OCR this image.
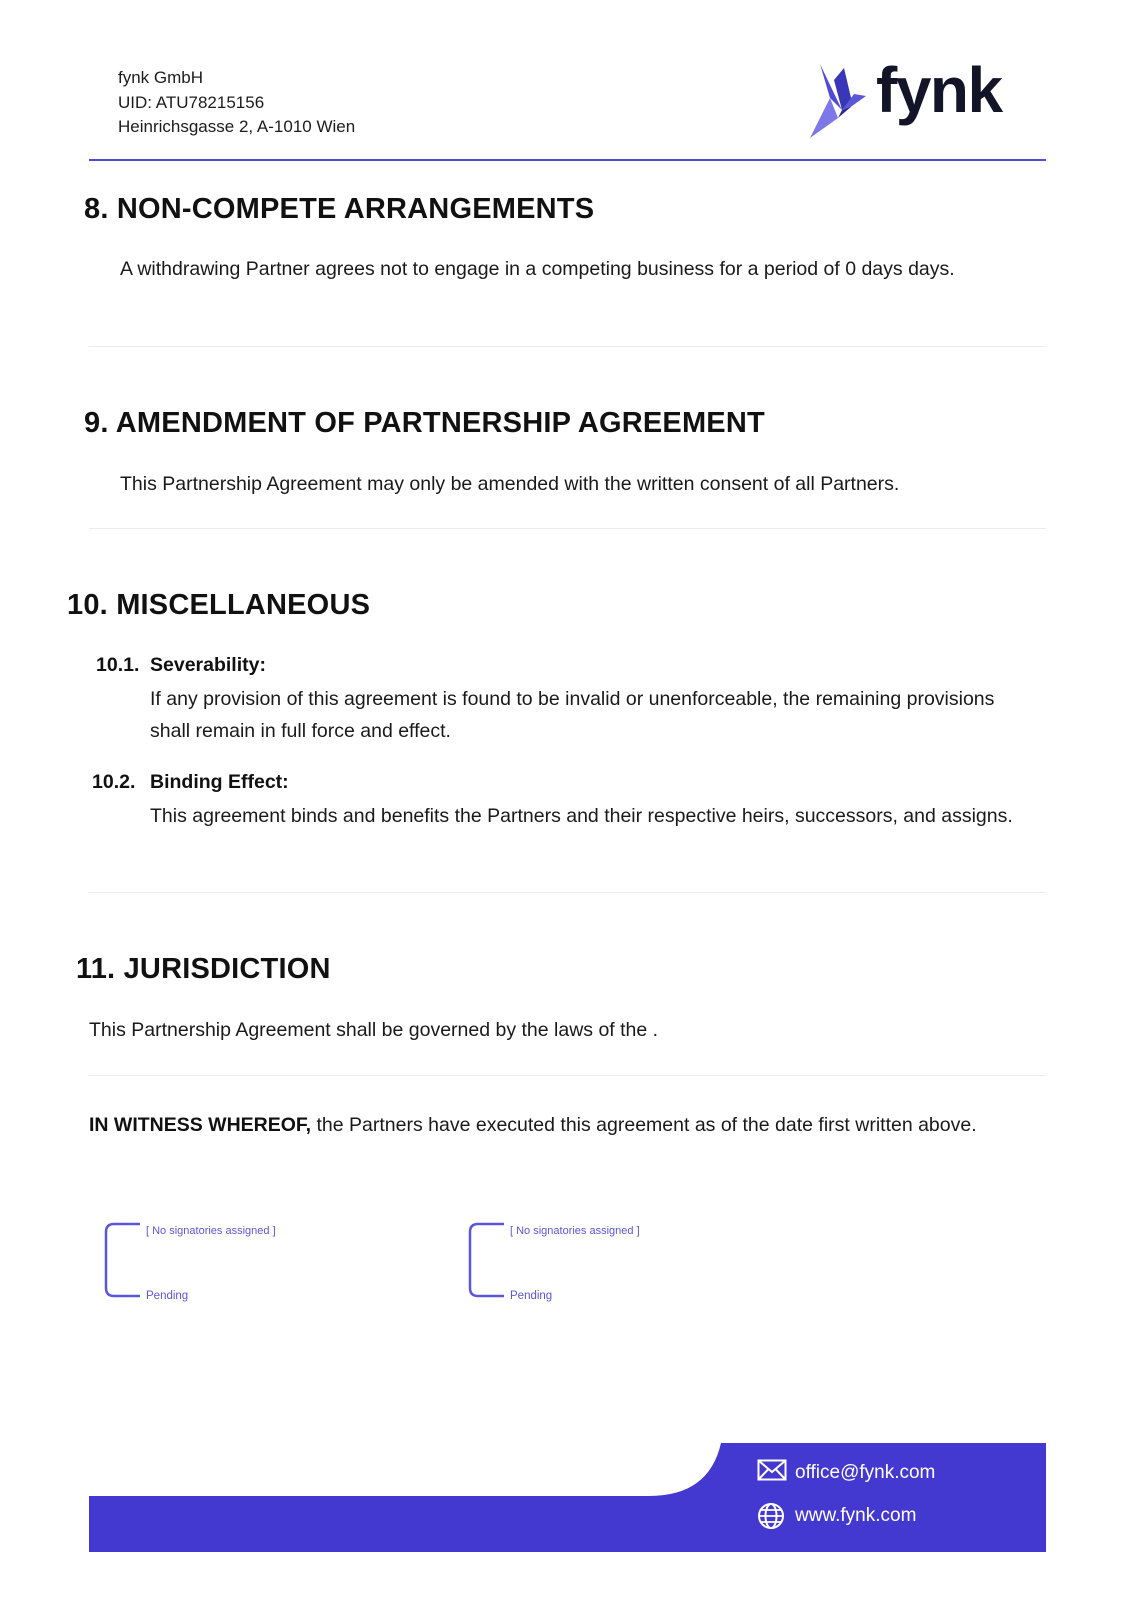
fynk GmbH
UID: ATU78215156
Heinrichsgasse 2, A-1010 Wien
fynk
8. NON-COMPETE ARRANGEMENTS
A withdrawing Partner agrees not to engage in a competing business for a period of 0 days days.
9. AMENDMENT OF PARTNERSHIP AGREEMENT
This Partnership Agreement may only be amended with the written consent of all Partners.
10. MISCELLANEOUS
10.1. Severability:
If any provision of this agreement is found to be invalid or unenforceable, the remaining provisions shall remain in full force and effect.
10.2. Binding Effect:
This agreement binds and benefits the Partners and their respective heirs, successors, and assigns.
11. JURISDICTION
This Partnership Agreement shall be governed by the laws of the .
IN WITNESS WHEREOF, the Partners have executed this agreement as of the date first written above.
[ No signatories assigned ]
Pending
[ No signatories assigned ]
Pending
office@fynk.com
www.fynk.com
